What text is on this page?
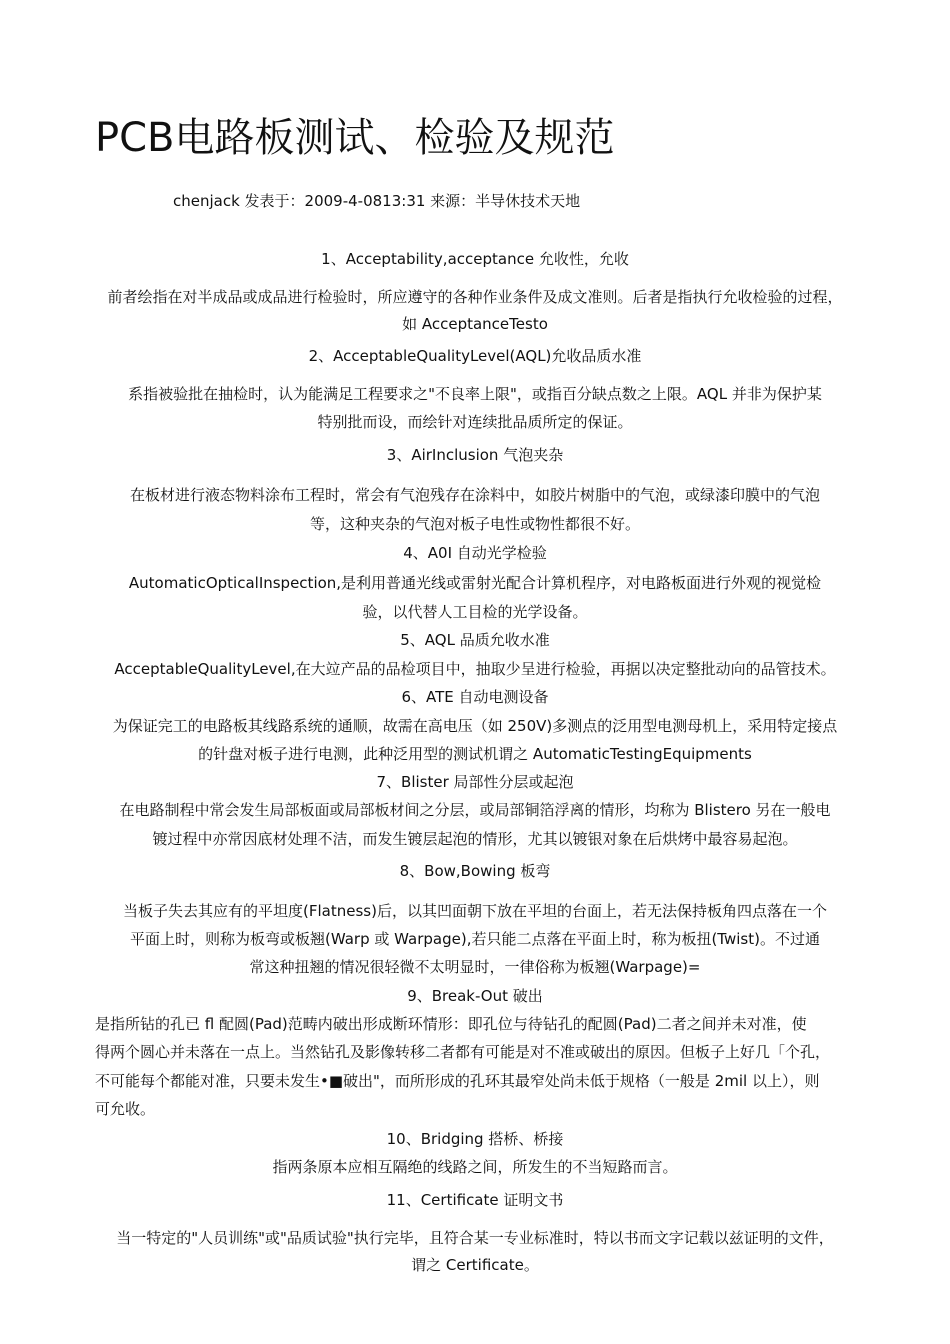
PCB电路板测试、检验及规范
chenjack 发表于：2009-4-0813:31 来源：半导休技术天地
1、Acceptability,acceptance 允收性，允收
前者绘指在对半成品或成品进行检验时，所应遵守的各种作业条件及成文准则。后者是指执行允收检验的过程，
如 AcceptanceTesto
2、AcceptableQualityLevel(AQL)允收品质水准
系指被验批在抽检时，认为能满足工程要求之"不良率上限"，或指百分缺点数之上限。AQL 并非为保护某
特别批而设，而绘针对连续批品质所定的保证。
3、AirInclusion 气泡夹杂
在板材进行液态物料涂布工程时，常会有气泡残存在涂料中，如胶片树脂中的气泡，或绿漆印膜中的气泡
等，这种夹杂的气泡对板子电性或物性都很不好。
4、A0I 自动光学检验
AutomaticOpticalInspection,是利用普通光线或雷射光配合计算机程序，对电路板面进行外观的视觉检
验，以代替人工目检的光学设备。
5、AQL 品质允收水准
AcceptableQualityLevel,在大竝产品的品检项目中，抽取少呈进行检验，再据以决定整批动向的品管技术。
6、ATE 自动电测设备
为保证完工的电路板其线路系统的通顺，故需在高电压（如 250V)多测点的泛用型电测母机上，采用特定接点
的针盘对板子进行电测，此种泛用型的测试机谓之 AutomaticTestingEquipments
7、Blister 局部性分层或起泡
在电路制程中常会发生局部板面或局部板材间之分层，或局部铜箔浮离的情形，均称为 Blistero 另在一般电
镀过程中亦常因底材处理不洁，而发生镀层起泡的情形，尤其以镀银对象在后烘烤中最容易起泡。
8、Bow,Bowing 板弯
当板子失去其应有的平坦度(Flatness)后，以其凹面朝下放在平坦的台面上，若无法保持板角四点落在一个
平面上时，则称为板弯或板翘(Warp 或 Warpage),若只能二点落在平面上时，称为板扭(Twist)。不过通
常这种扭翘的情况很轻微不太明显时，一律俗称为板翘(Warpage)=
9、Break-Out 破出
是指所钻的孔已 fl 配圆(Pad)范畴内破出形成断环情形：即孔位与待钻孔的配圆(Pad)二者之间并未对准，使
得两个圆心并未落在一点上。当然钻孔及影像转移二者都有可能是对不准或破出的原因。但板子上好几「个孔，
不可能每个都能对准，只要未发生•■破出"，而所形成的孔环其最窄处尚未低于规格（一般是 2mil 以上），则
可允收。
10、Bridging 搭桥、桥接
指两条原本应相互隔绝的线路之间，所发生的不当短路而言。
11、Certificate 证明文书
当一特定的"人员训练"或"品质试验"执行完毕，且符合某一专业标准时，特以书而文字记载以兹证明的文件，
谓之 Certificate。
